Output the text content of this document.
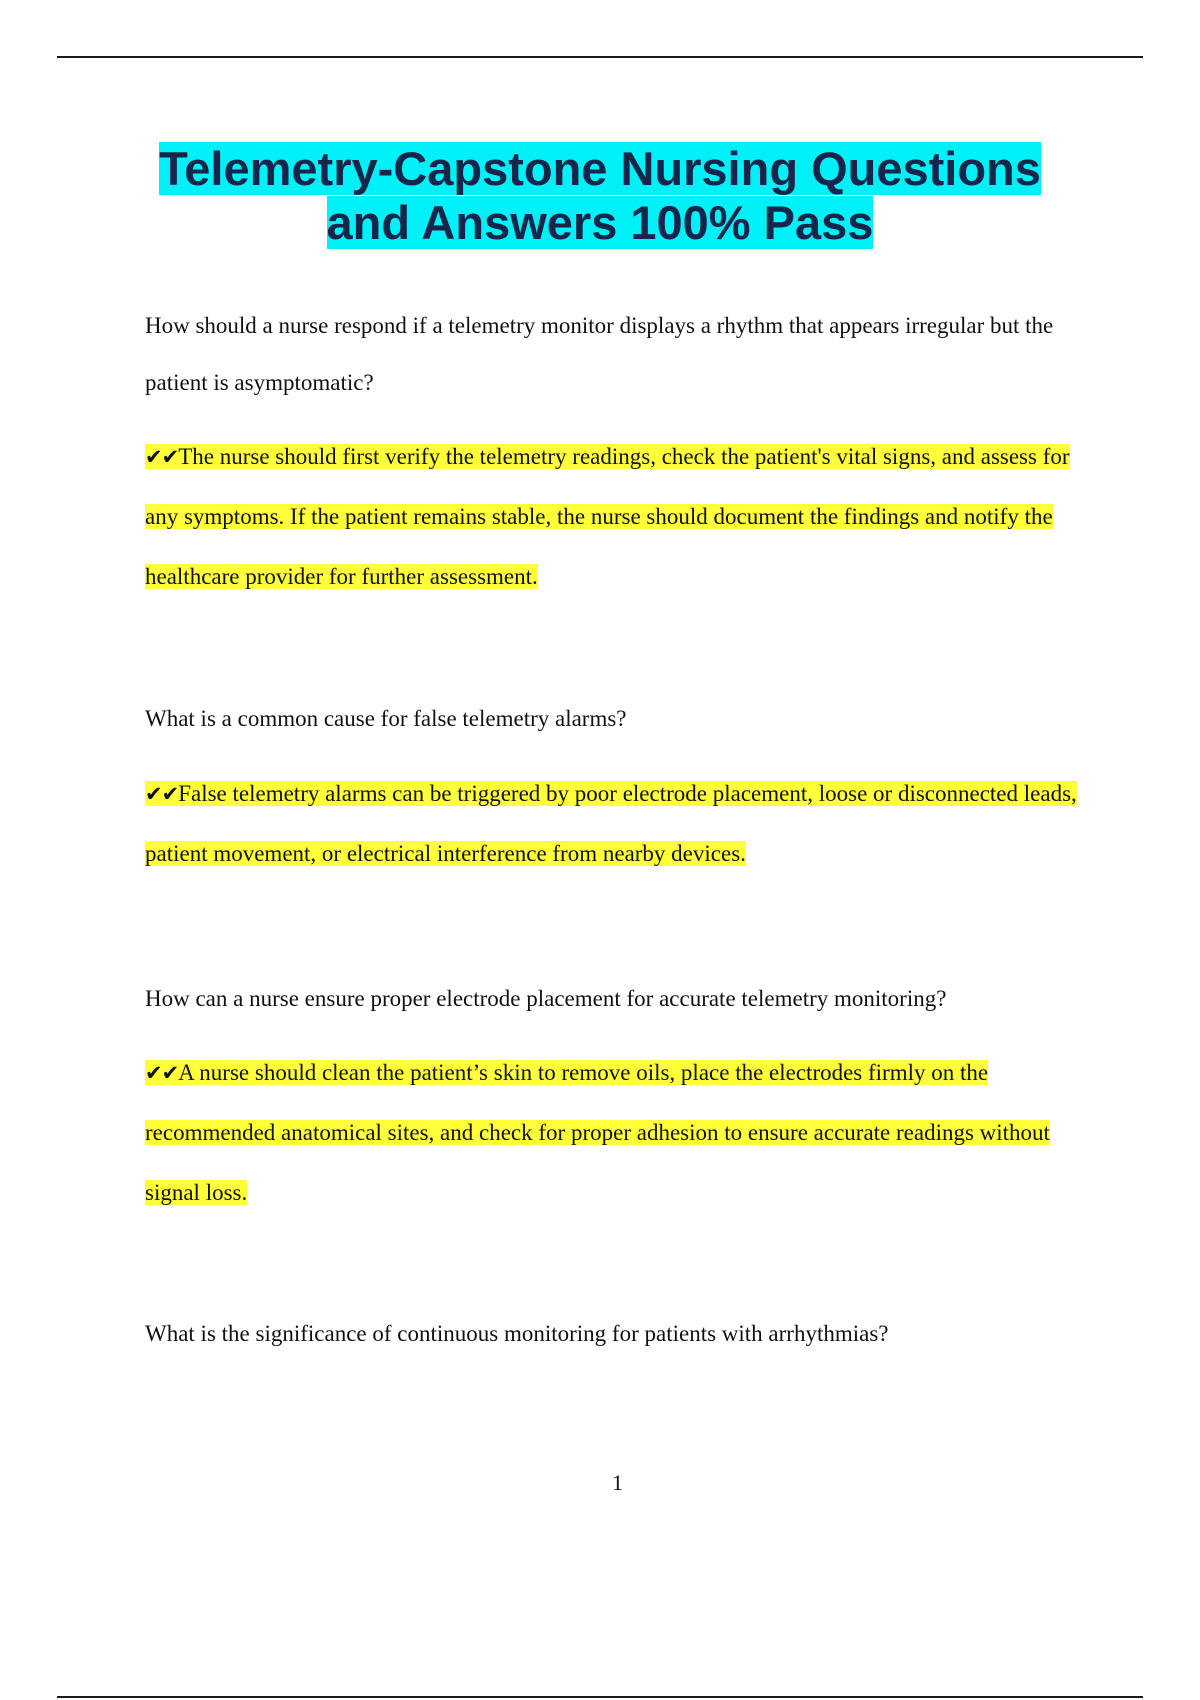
Telemetry-Capstone Nursing Questions
and Answers 100% Pass

How should a nurse respond if a telemetry monitor displays a rhythm that appears irregular but the patient is asymptomatic?

✔✔The nurse should first verify the telemetry readings, check the patient's vital signs, and assess for any symptoms. If the patient remains stable, the nurse should document the findings and notify the healthcare provider for further assessment.

What is a common cause for false telemetry alarms?

✔✔False telemetry alarms can be triggered by poor electrode placement, loose or disconnected leads, patient movement, or electrical interference from nearby devices.

How can a nurse ensure proper electrode placement for accurate telemetry monitoring?

✔✔A nurse should clean the patient’s skin to remove oils, place the electrodes firmly on the recommended anatomical sites, and check for proper adhesion to ensure accurate readings without signal loss.

What is the significance of continuous monitoring for patients with arrhythmias?

1
